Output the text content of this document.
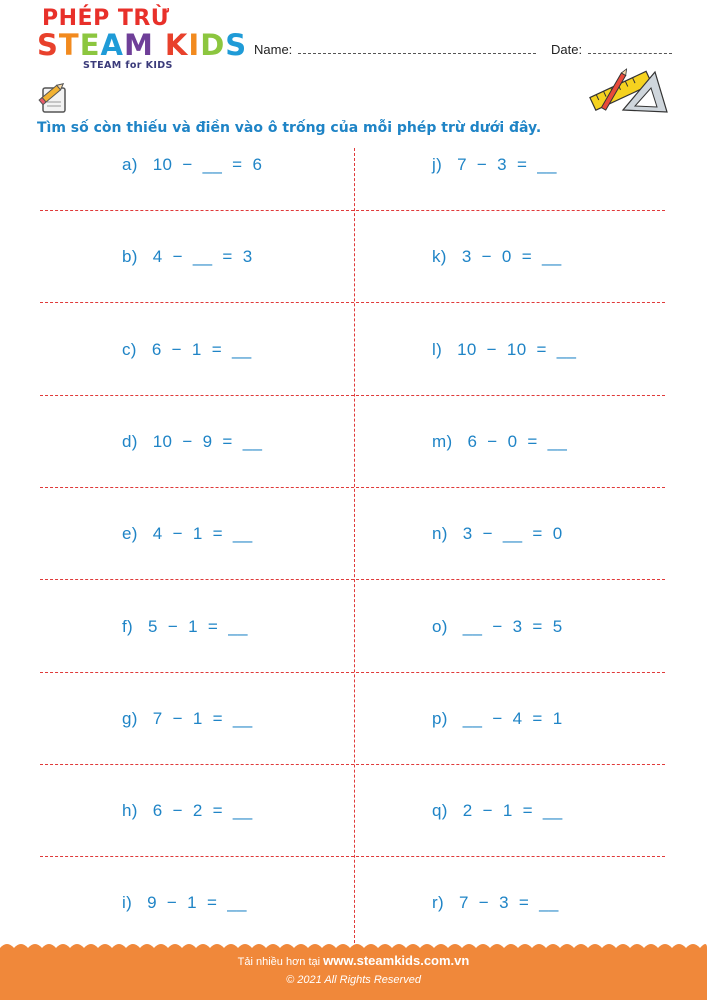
STEAM KIDS
STEAM for KIDS
Name:	Date:
PHÉP TRỪ
Tìm số còn thiếu và điền vào ô trống của mỗi phép trừ dưới đây.
a)   10  −  __  =  6
b)   4  −  __  =  3
c)   6  −  1  =  __
d)   10  −  9  =  __
e)   4  −  1  =  __
f)   5  −  1  =  __
g)   7  −  1  =  __
h)   6  −  2  =  __
i)   9  −  1  =  __
j)   7  −  3  =  __
k)   3  −  0  =  __
l)   10  −  10  =  __
m)   6  −  0  =  __
n)   3  −  __  =  0
o)   __  −  3  =  5
p)   __  −  4  =  1
q)   2  −  1  =  __
r)   7  −  3  =  __
Tải nhiều hơn tại www.steamkids.com.vn
© 2021 All Rights Reserved
